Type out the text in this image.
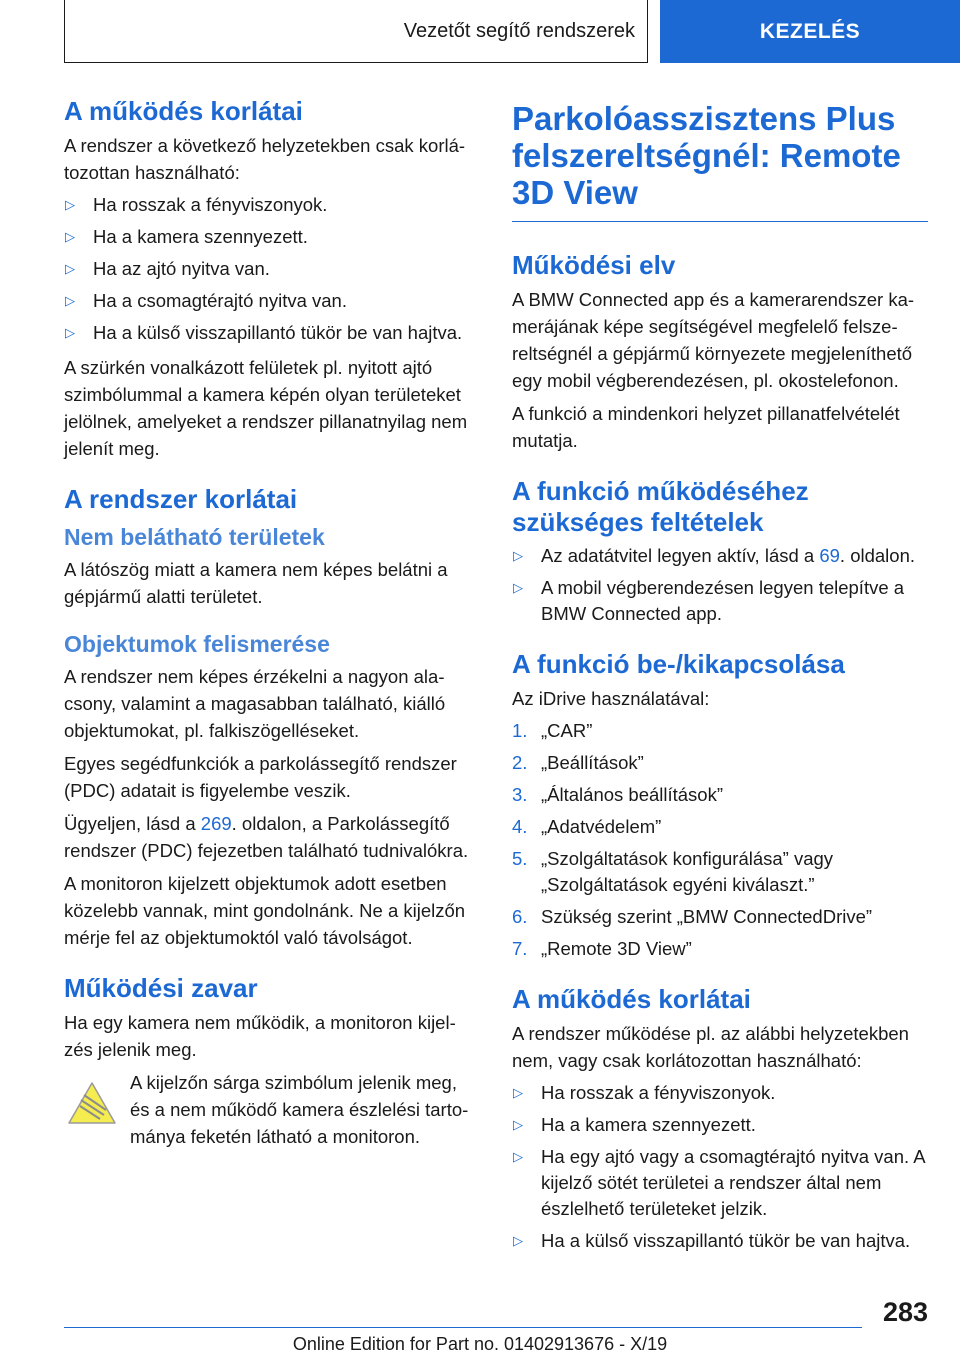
Vezetőt segítő rendszerek	KEZELÉS
A működés korlátai

A rendszer a következő helyzetekben csak korlátozottan használható:

▷ Ha rosszak a fényviszonyok.
▷ Ha a kamera szennyezett.
▷ Ha az ajtó nyitva van.
▷ Ha a csomagtérajtó nyitva van.
▷ Ha a külső visszapillantó tükör be van hajtva.

A szürkén vonalkázott felületek pl. nyitott ajtó szimbólummal a kamera képén olyan területeket jelölnek, amelyeket a rendszer pillanatnyilag nem jelenít meg.

A rendszer korlátai
Nem belátható területek

A látószög miatt a kamera nem képes belátni a gépjármű alatti területet.

Objektumok felismerése

A rendszer nem képes érzékelni a nagyon alacsony, valamint a magasabban található, kiálló objektumokat, pl. falkiszögelléseket.

Egyes segédfunkciók a parkolássegítő rendszer (PDC) adatait is figyelembe veszik.

Ügyeljen, lásd a 269. oldalon, a Parkolássegítő rendszer (PDC) fejezetben található tudnivalókra.

A monitoron kijelzett objektumok adott esetben közelebb vannak, mint gondolnánk. Ne a kijelzőn mérje fel az objektumoktól való távolságot.

Működési zavar

Ha egy kamera nem működik, a monitoron kijelzés jelenik meg.

A kijelzőn sárga szimbólum jelenik meg, és a nem működő kamera észlelési tartománya feketén látható a monitoron.

Parkolóasszisztens Plus felszereltségnél: Remote 3D View
Működési elv

A BMW Connected app és a kamerarendszer kamerájának képe segítségével megfelelő felszereltségnél a gépjármű környezete megjeleníthető egy mobil végberendezésen, pl. okostelefonon.

A funkció a mindenkori helyzet pillanatfelvételét mutatja.

A funkció működéséhez szükséges feltételek
▷ Az adatátvitel legyen aktív, lásd a 69. oldalon.
▷ A mobil végberendezésen legyen telepítve a BMW Connected app.
A funkció be-/kikapcsolása

Az iDrive használatával:

1. „CAR”
2. „Beállítások”
3. „Általános beállítások”
4. „Adatvédelem”
5. „Szolgáltatások konfigurálása” vagy „Szolgáltatások egyéni kiválaszt.”
6. Szükség szerint „BMW ConnectedDrive”
7. „Remote 3D View”
A működés korlátai

A rendszer működése pl. az alábbi helyzetekben nem, vagy csak korlátozottan használható:

▷ Ha rosszak a fényviszonyok.
▷ Ha a kamera szennyezett.
▷ Ha egy ajtó vagy a csomagtérajtó nyitva van. A kijelző sötét területei a rendszer által nem észlelhető területeket jelzik.
▷ Ha a külső visszapillantó tükör be van hajtva.
283
Online Edition for Part no. 01402913676 - X/19
